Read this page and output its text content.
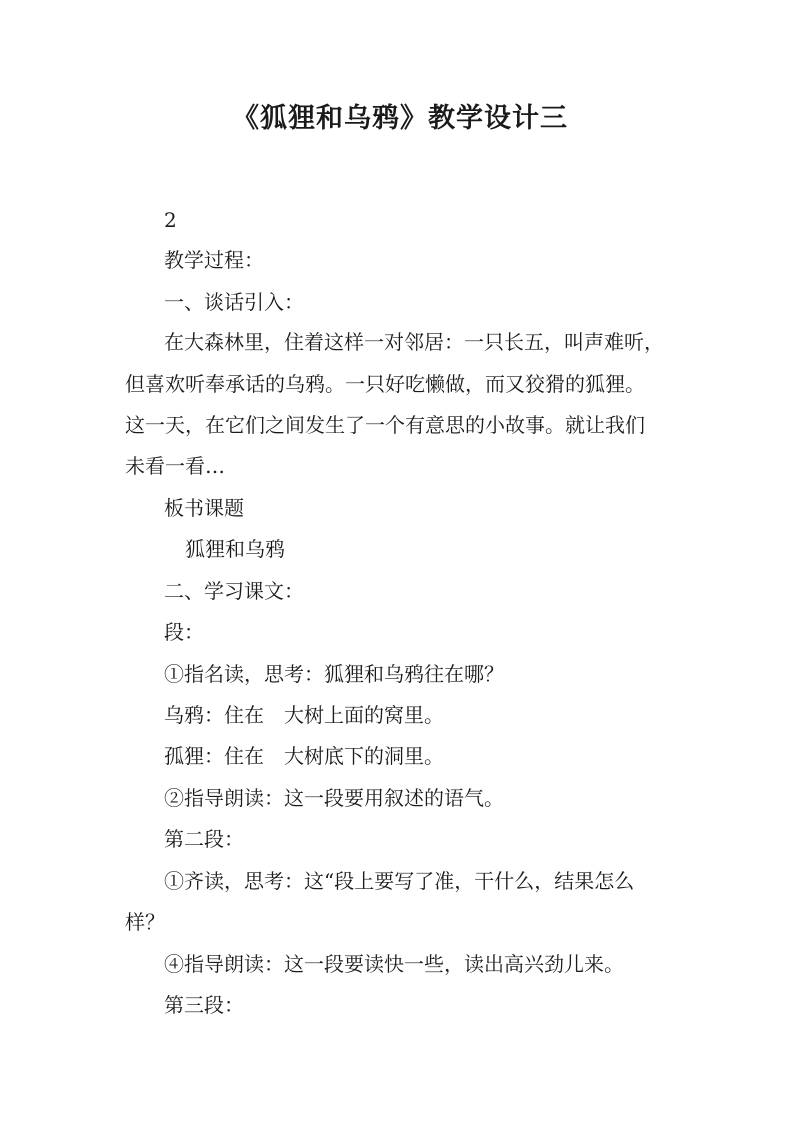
《狐狸和乌鸦》教学设计三
2
教学过程：
一、谈话引入：
在大森林里，住着这样一对邻居：一只长五，叫声难听，
但喜欢听奉承话的乌鸦。一只好吃懒做，而又狡猾的狐狸。
这一天，在它们之间发生了一个有意思的小故事。就让我们
未看一看…
板书课题
狐狸和乌鸦
二、学习课文：
段：
①指名读，思考：狐狸和乌鸦往在哪？
乌鸦：住在　大树上面的窝里。
孤狸：住在　大树底下的洞里。
②指导朗读：这一段要用叙述的语气。
第二段：
①齐读，思考：这“段上要写了准，干什么，结果怎么
样？
④指导朗读：这一段要读快一些，读出高兴劲儿来。
第三段：
